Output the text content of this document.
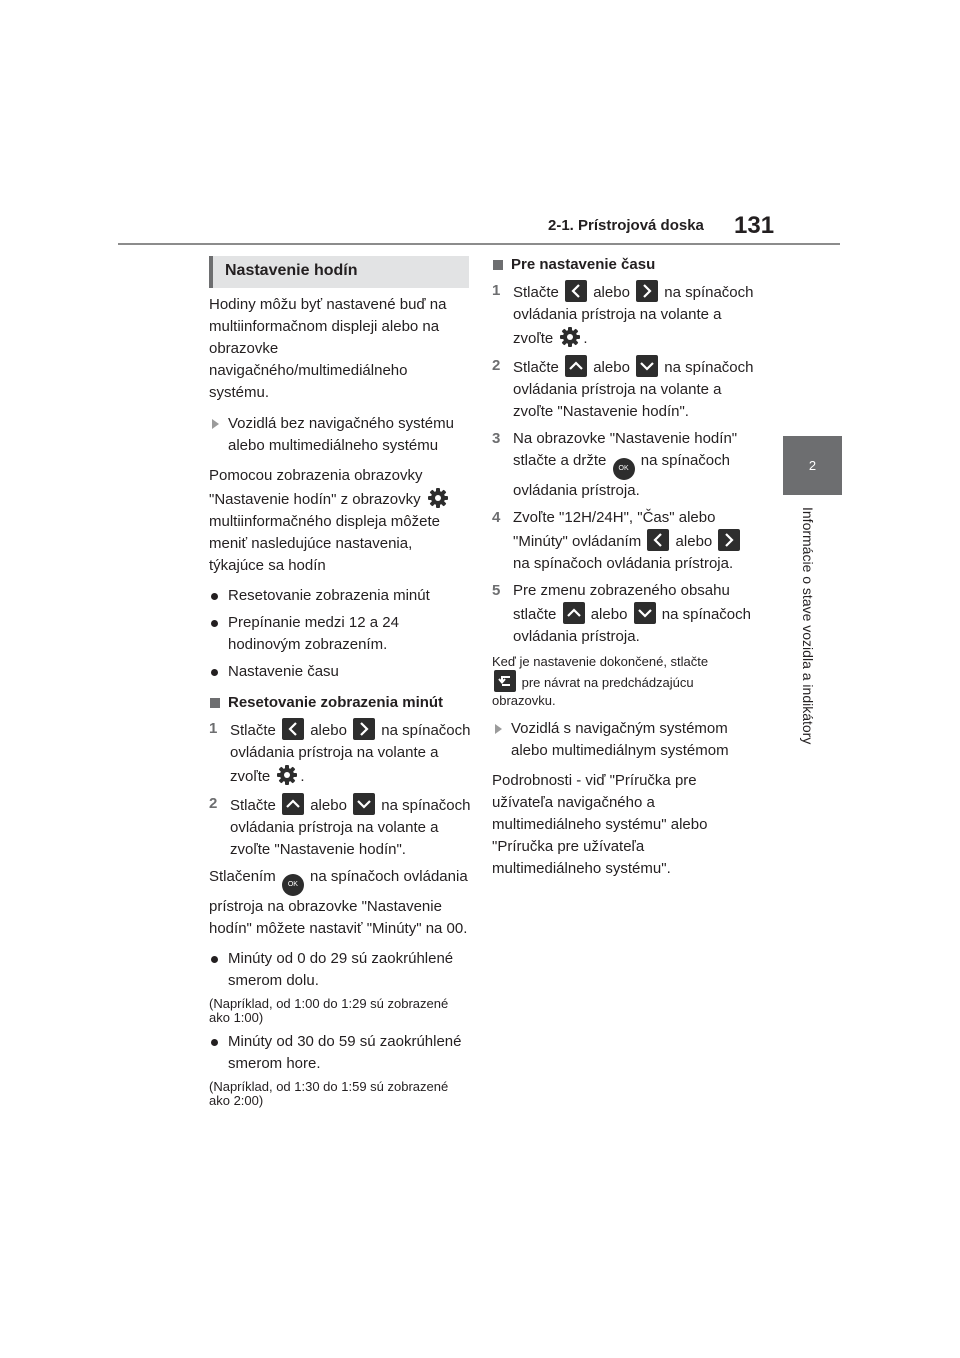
2-1. Prístrojová doska 131
2
Informácie o stave vozidla a indikátory
Nastavenie hodín

Hodiny môžu byť nastavené buď na multiinformačnom displeji alebo na obrazovke navigačného/multimediálneho systému.

Vozidlá bez navigačného systému alebo multimediálneho systému

Pomocou zobrazenia obrazovky "Nastavenie hodín" z obrazovky  multiinformačného displeja môžete meniť nasledujúce nastavenia, týkajúce sa hodín

Resetovanie zobrazenia minút

Prepínanie medzi 12 a 24 hodinovým zobrazením.

Nastavenie času

Resetovanie zobrazenia minút

1 Stlačte alebo na spínačoch ovládania prístroja na volante a zvoľte .

2 Stlačte alebo na spínačoch ovládania prístroja na volante a zvoľte "Nastavenie hodín".

Stlačením OK na spínačoch ovládania prístroja na obrazovke "Nastavenie hodín" môžete nastaviť "Minúty" na 00.

Minúty od 0 do 29 sú zaokrúhlené smerom dolu.

(Napríklad, od 1:00 do 1:29 sú zobrazené ako 1:00)

Minúty od 30 do 59 sú zaokrúhlené smerom hore.

(Napríklad, od 1:30 do 1:59 sú zobrazené ako 2:00)

Pre nastavenie času

1 Stlačte alebo na spínačoch ovládania prístroja na volante a zvoľte .

2 Stlačte alebo na spínačoch ovládania prístroja na volante a zvoľte "Nastavenie hodín".

3 Na obrazovke "Nastavenie hodín" stlačte a držte OK na spínačoch ovládania prístroja.

4 Zvoľte "12H/24H", "Čas" alebo "Minúty" ovládaním alebo
na spínačoch ovládania prístroja.

5 Pre zmenu zobrazeného obsahu stlačte alebo na spínačoch ovládania prístroja.

Keď je nastavenie dokončené, stlačte

pre návrat na predchádzajúcu obrazovku.

Vozidlá s navigačným systémom alebo multimediálnym systémom

Podrobnosti - viď "Príručka pre užívateľa navigačného a multimediálneho systému" alebo "Príručka pre užívateľa multimediálneho systému".
